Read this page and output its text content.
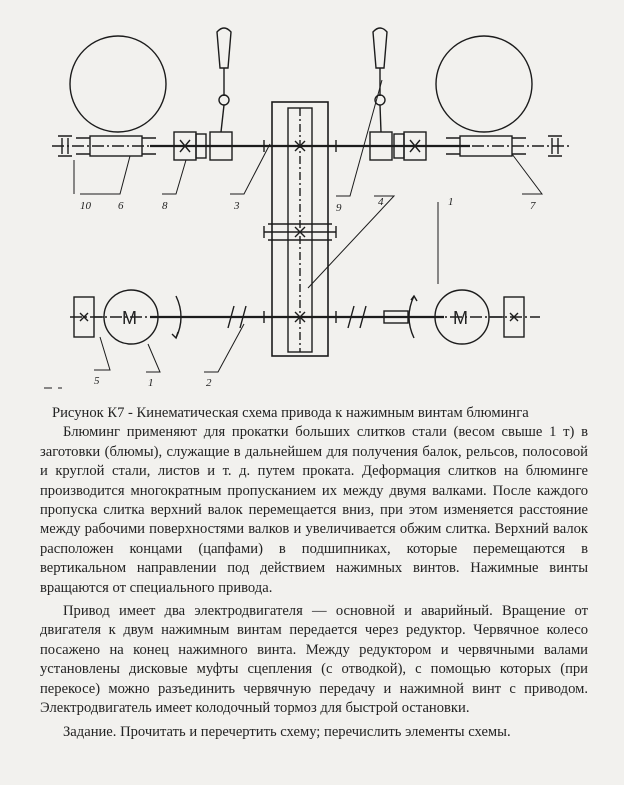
10 6	8	3	9	4	1	7
5	1	2
M	M

Рисунок К7 - Кинематическая схема привода к нажимным винтам блюминга

Блюминг применяют для прокатки больших слитков стали (весом свыше 1 т) в заготовки (блюмы), служащие в дальнейшем для получения балок, рельсов, полосовой и круглой стали, листов и т. д. путем проката. Деформация слитков на блюминге производится многократным пропусканием их между двумя валками. После каждого пропуска слитка верхний валок перемещается вниз, при этом изменяется расстояние между рабочими поверхностями валков и увеличивается обжим слитка. Верхний валок расположен концами (цапфами) в подшипниках, которые перемещаются в вертикальном направлении под действием нажимных винтов. Нажимные винты вращаются от специального привода.

Привод имеет два электродвигателя — основной и аварийный. Вращение от двигателя к двум нажимным винтам передается через редуктор. Червячное колесо посажено на конец нажимного винта. Между редуктором и червячными валами установлены дисковые муфты сцепления (с отводкой), с помощью которых (при перекосе) можно разъединить червячную передачу и нажимной винт с приводом. Электродвигатель имеет колодочный тормоз для быстрой остановки.

Задание. Прочитать и перечертить схему; перечислить элементы схемы.
